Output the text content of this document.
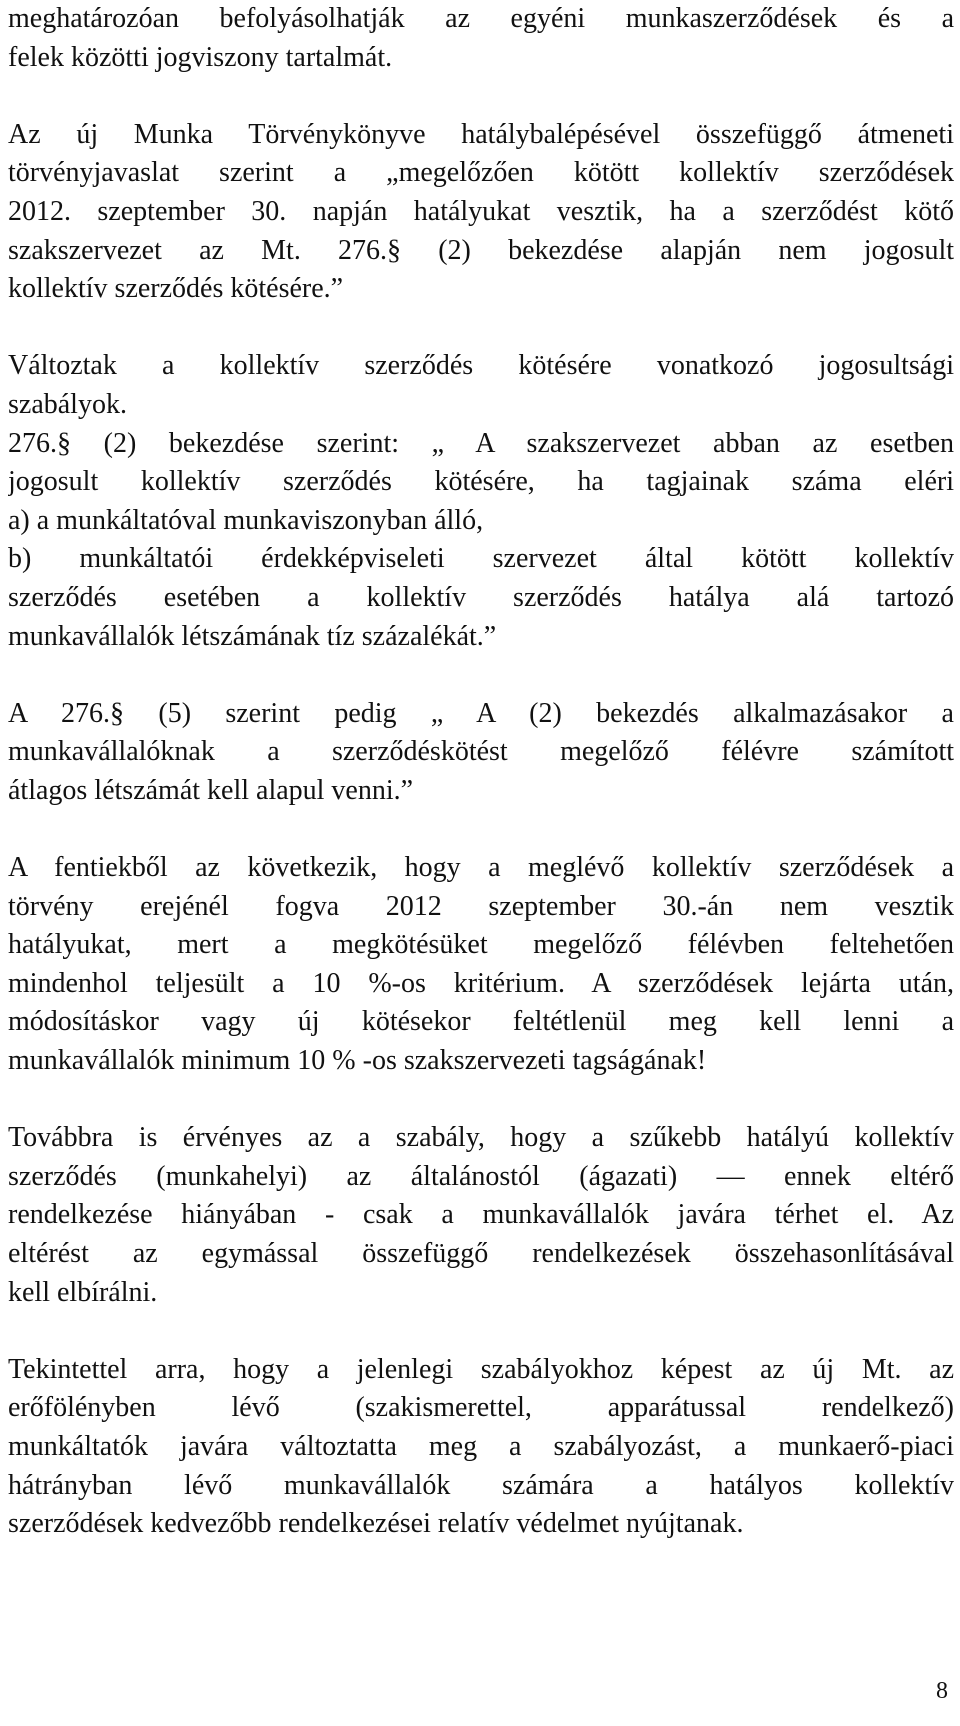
meghatározóan befolyásolhatják az egyéni munkaszerződések és a
felek közötti jogviszony tartalmát.
Az új Munka Törvénykönyve hatálybalépésével összefüggő átmeneti
törvényjavaslat szerint a „megelőzően kötött kollektív szerződések
2012. szeptember 30. napján hatályukat vesztik, ha a szerződést kötő
szakszervezet az Mt. 276.§ (2) bekezdése alapján nem jogosult
kollektív szerződés kötésére.”
Változtak a kollektív szerződés kötésére vonatkozó jogosultsági
szabályok.
276.§ (2) bekezdése szerint: „ A szakszervezet abban az esetben
jogosult kollektív szerződés kötésére, ha tagjainak száma eléri
a) a munkáltatóval munkaviszonyban álló,
b) munkáltatói érdekképviseleti szervezet által kötött kollektív
szerződés esetében a kollektív szerződés hatálya alá tartozó
munkavállalók létszámának tíz százalékát.”
A 276.§ (5) szerint pedig „ A (2) bekezdés alkalmazásakor a
munkavállalóknak a szerződéskötést megelőző félévre számított
átlagos létszámát kell alapul venni.”
A fentiekből az következik, hogy a meglévő kollektív szerződések a
törvény erejénél fogva 2012 szeptember 30.-án nem vesztik
hatályukat, mert a megkötésüket megelőző félévben feltehetően
mindenhol teljesült a 10 %-os kritérium. A szerződések lejárta után,
módosításkor vagy új kötésekor feltétlenül meg kell lenni a
munkavállalók minimum 10 % -os szakszervezeti tagságának!
Továbbra is érvényes az a szabály, hogy a szűkebb hatályú kollektív
szerződés (munkahelyi) az általánostól (ágazati) — ennek eltérő
rendelkezése hiányában - csak a munkavállalók javára térhet el. Az
eltérést az egymással összefüggő rendelkezések összehasonlításával
kell elbírálni.
Tekintettel arra, hogy a jelenlegi szabályokhoz képest az új Mt. az
erőfölényben lévő (szakismerettel, apparátussal rendelkező)
munkáltatók javára változtatta meg a szabályozást, a munkaerő-piaci
hátrányban lévő munkavállalók számára a hatályos kollektív
szerződések kedvezőbb rendelkezései relatív védelmet nyújtanak.
8
